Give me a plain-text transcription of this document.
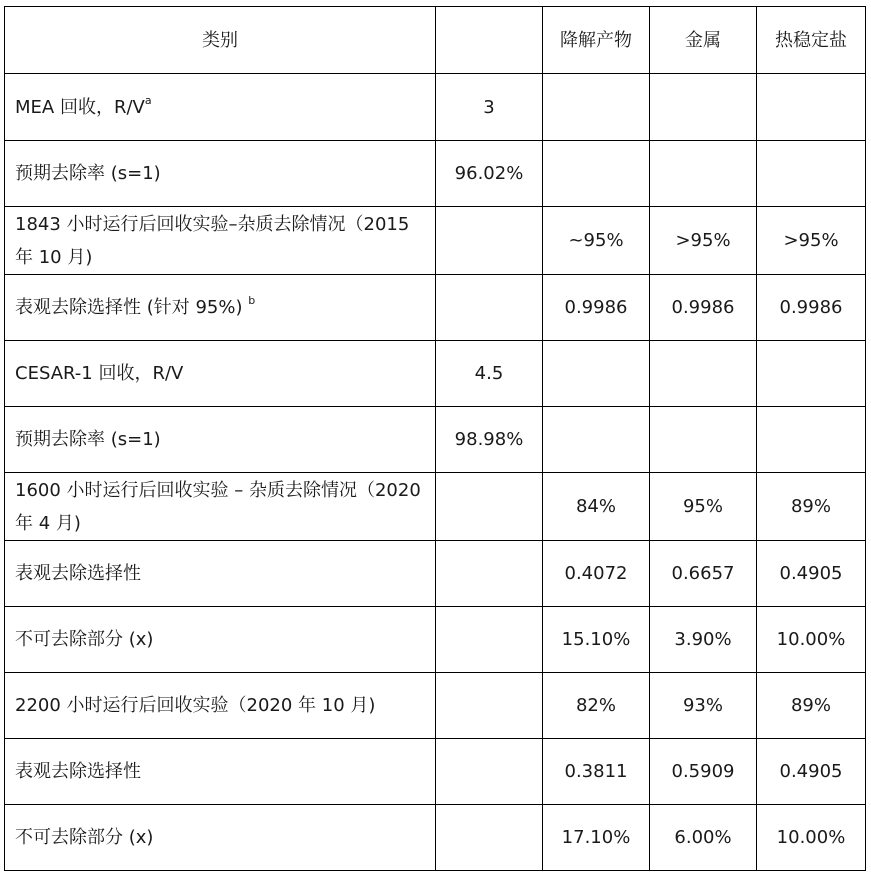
类别		降解产物	金属	热稳定盐
MEA 回收，$R/V^a$	3			
预期去除率 (s=1)	96.02%			
1843 小时运行后回收实验–杂质去除情况（2015 年 10 月)		~95%	>95%	>95%
表观去除选择性 (针对 95%) $^b$		0.9986	0.9986	0.9986
CESAR-1 回收，R/V	4.5			
预期去除率 (s=1)	98.98%			
1600 小时运行后回收实验 – 杂质去除情况（2020 年 4 月)		84%	95%	89%
表观去除选择性		0.4072	0.6657	0.4905
不可去除部分 (x)		15.10%	3.90%	10.00%
2200 小时运行后回收实验（2020 年 10 月)		82%	93%	89%
表观去除选择性		0.3811	0.5909	0.4905
不可去除部分 (x)		17.10%	6.00%	10.00%
